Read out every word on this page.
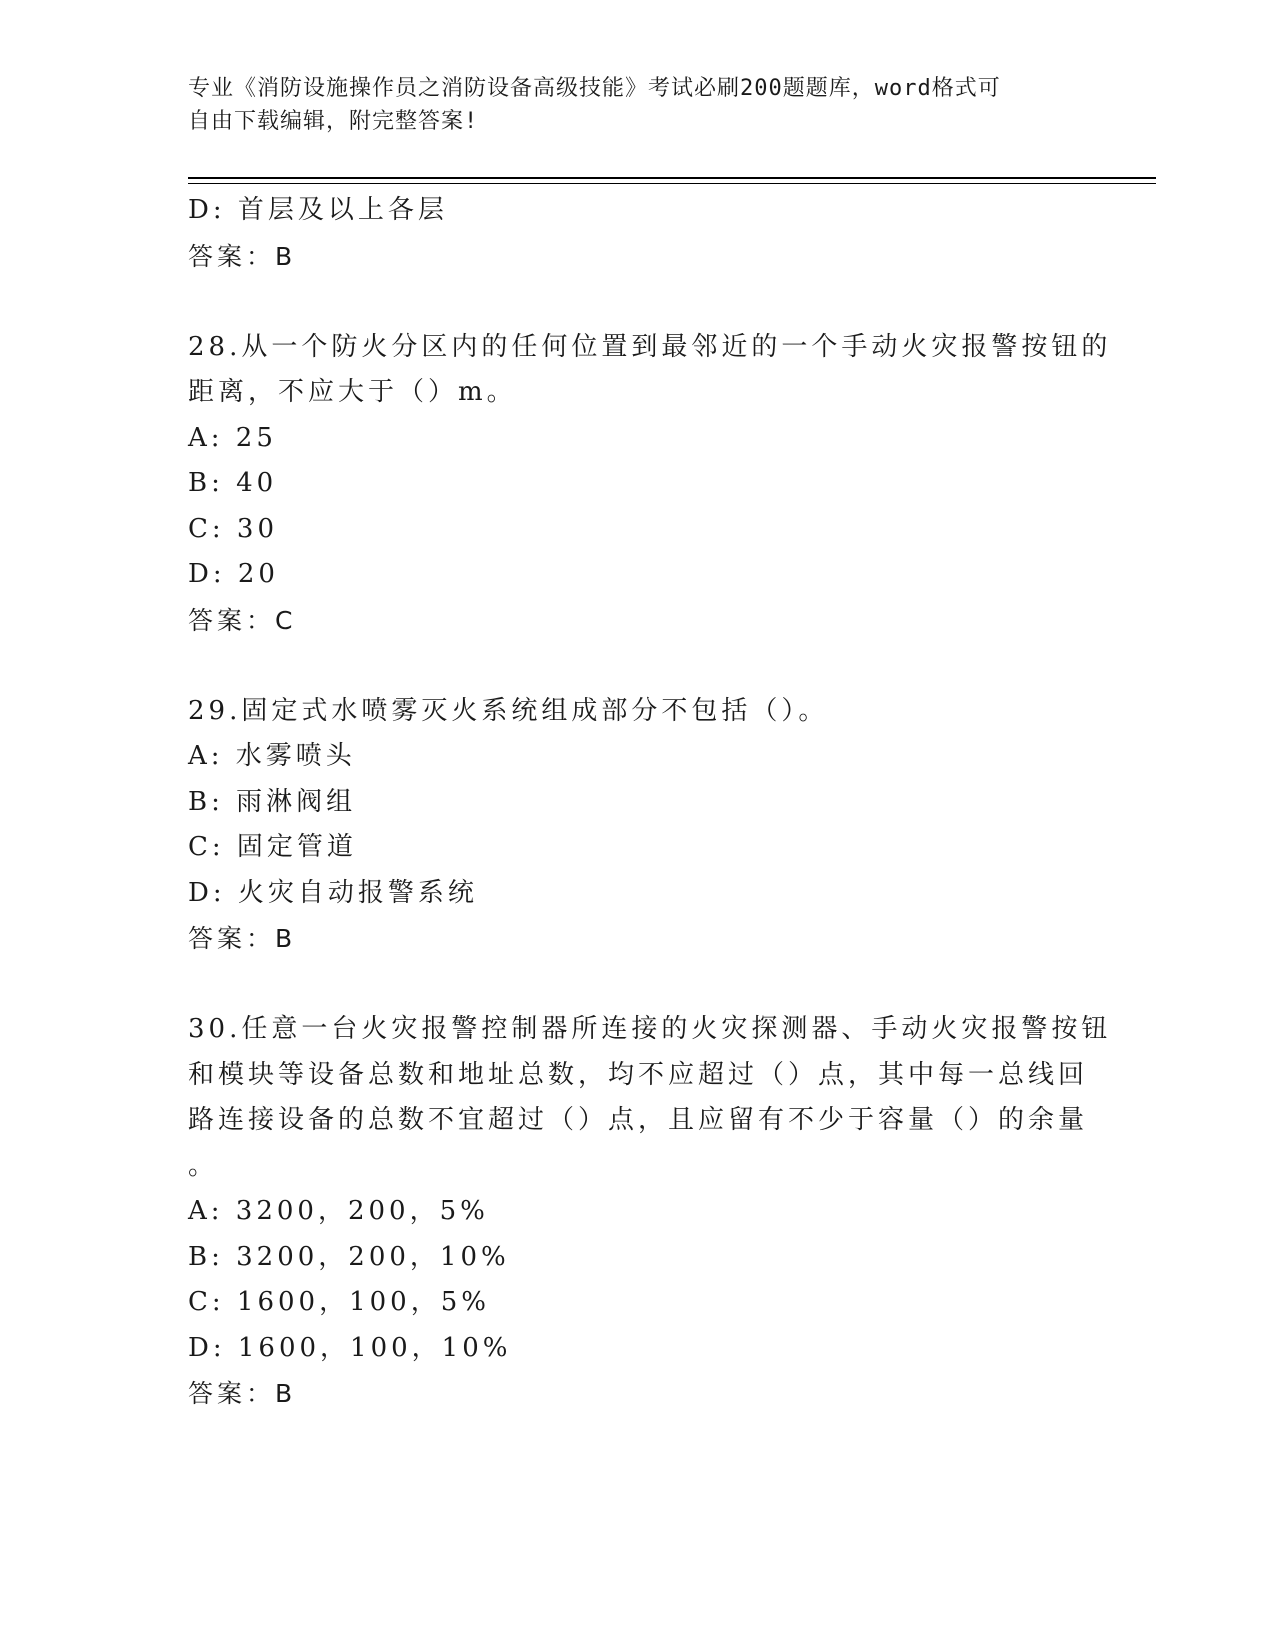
专业《消防设施操作员之消防设备高级技能》考试必刷200题题库，word格式可
自由下载编辑，附完整答案!
D: 首层及以上各层
答案：B
28.从一个防火分区内的任何位置到最邻近的一个手动火灾报警按钮的
距离，不应大于（）m。
A: 25
B: 40
C: 30
D: 20
答案：C
29.固定式水喷雾灭火系统组成部分不包括（）。
A: 水雾喷头
B: 雨淋阀组
C: 固定管道
D: 火灾自动报警系统
答案：B
30.任意一台火灾报警控制器所连接的火灾探测器、手动火灾报警按钮
和模块等设备总数和地址总数，均不应超过（）点，其中每一总线回
路连接设备的总数不宜超过（）点，且应留有不少于容量（）的余量
。
A: 3200，200，5%
B: 3200，200，10%
C: 1600，100，5%
D: 1600，100，10%
答案：B
